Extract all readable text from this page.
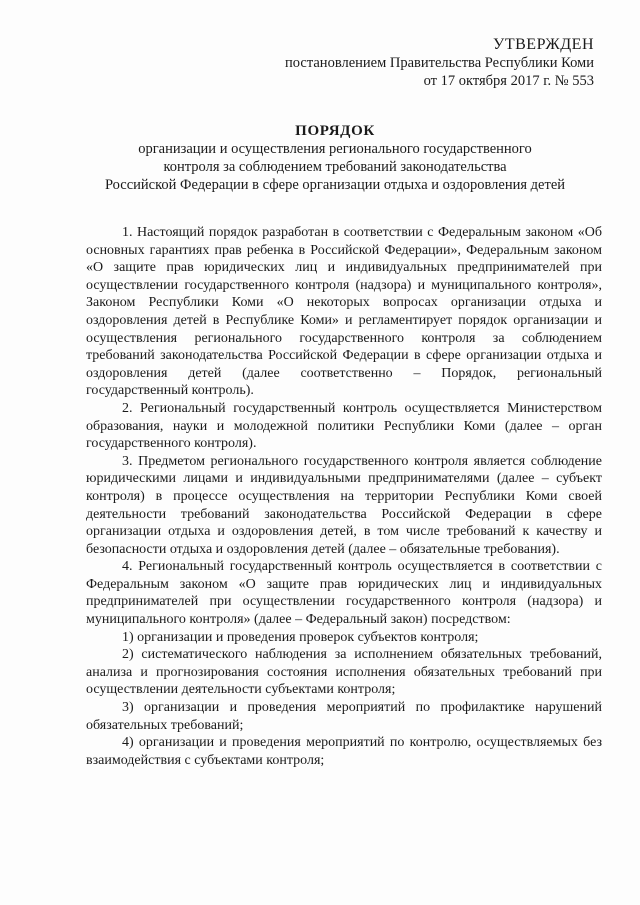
УТВЕРЖДЕН
постановлением Правительства Республики Коми
от 17 октября 2017 г. № 553
ПОРЯДОК
организации и осуществления регионального государственного
контроля за соблюдением требований законодательства
Российской Федерации в сфере организации отдыха и оздоровления детей

1. Настоящий порядок разработан в соответствии с Федеральным законом «Об основных гарантиях прав ребенка в Российской Федерации», Федеральным законом «О защите прав юридических лиц и индивидуальных предпринимателей при осуществлении государственного контроля (надзора) и муниципального контроля», Законом Республики Коми «О некоторых вопросах организации отдыха и оздоровления детей в Республике Коми» и регламентирует порядок организации и осуществления регионального государственного контроля за соблюдением требований законодательства Российской Федерации в сфере организации отдыха и оздоровления детей (далее соответственно – Порядок, региональный государственный контроль).

2. Региональный государственный контроль осуществляется Министерством образования, науки и молодежной политики Республики Коми (далее – орган государственного контроля).

3. Предметом регионального государственного контроля является соблюдение юридическими лицами и индивидуальными предпринимателями (далее – субъект контроля) в процессе осуществления на территории Республики Коми своей деятельности требований законодательства Российской Федерации в сфере организации отдыха и оздоровления детей, в том числе требований к качеству и безопасности отдыха и оздоровления детей (далее – обязательные требования).

4. Региональный государственный контроль осуществляется в соответствии с Федеральным законом «О защите прав юридических лиц и индивидуальных предпринимателей при осуществлении государственного контроля (надзора) и муниципального контроля» (далее – Федеральный закон) посредством:

1) организации и проведения проверок субъектов контроля;

2) систематического наблюдения за исполнением обязательных требований, анализа и прогнозирования состояния исполнения обязательных требований при осуществлении деятельности субъектами контроля;

3) организации и проведения мероприятий по профилактике нарушений обязательных требований;

4) организации и проведения мероприятий по контролю, осуществляемых без взаимодействия с субъектами контроля;
